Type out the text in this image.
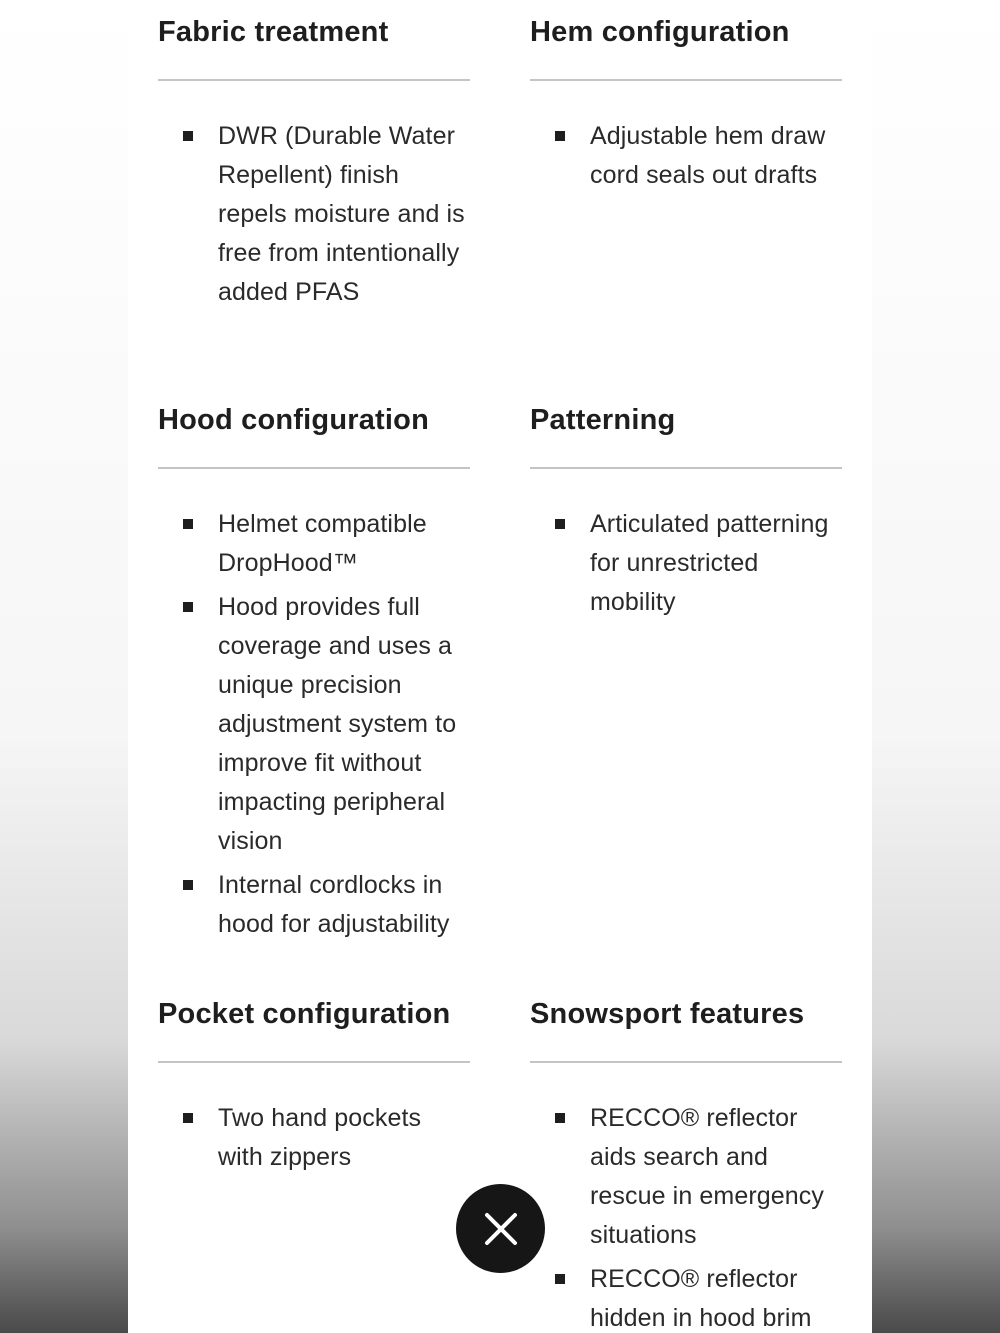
Fabric treatment
DWR (Durable Water Repellent) finish repels moisture and is free from intentionally added PFAS
Hem configuration
Adjustable hem draw cord seals out drafts
Hood configuration
Helmet compatible DropHood™
Hood provides full coverage and uses a unique precision adjustment system to improve fit without impacting peripheral vision
Internal cordlocks in hood for adjustability
Patterning
Articulated patterning for unrestricted mobility
Pocket configuration
Two hand pockets with zippers
Snowsport features
RECCO® reflector aids search and rescue in emergency situations
RECCO® reflector hidden in hood brim
